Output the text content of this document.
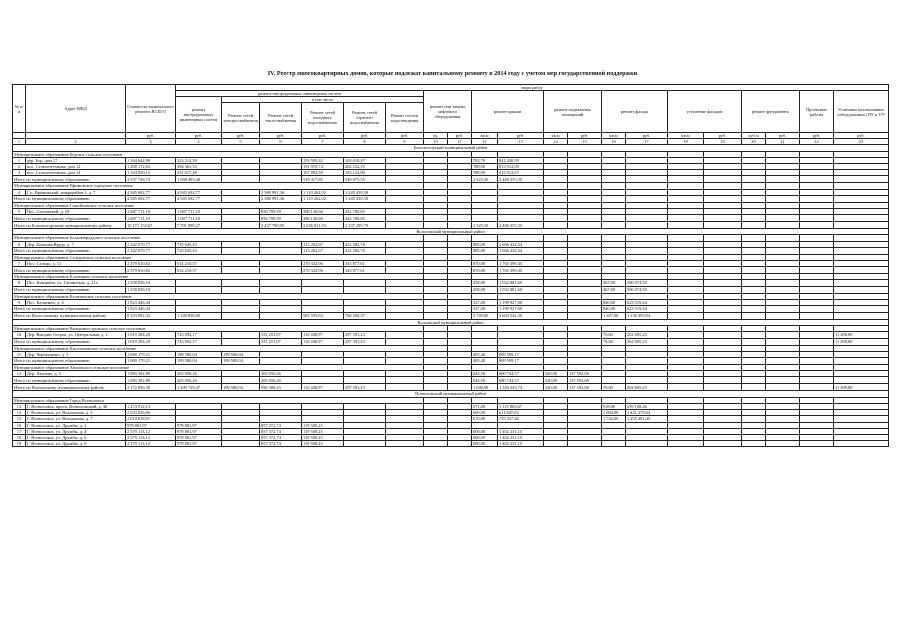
IV. Реестр многоквартирных домов, которые подлежат капитальному ремонту в 2014 году с учетом мер государственной поддержки
№ п/п	Адрес МКД	Стоимость капитального ремонта ВСЕГО	виды работ																			
			ремонт внутридомовых инженерных систем						ремонт или замена лифтового оборудования		ремонт крыши		ремонт подвальных помещений		ремонт фасада		утепление фасадов		ремонт фундамента		Проектные работы	Установка коллективных (общедомовых) ПУ и УУ
			ремонт внутридомовых инженерных систем	в том числе																		
				Ремонт сетей электроснабжения	Ремонт сетей теплоснабжения	Ремонт сетей холодного водоснабжения	Ремонт сетей горячего водоснабжения	Ремонт систем водоотведения														
		руб.	руб.	руб.	руб.	руб.	руб.	руб.	ед.	руб.	кв.м	руб.	кв.м	руб.	кв.м	руб.	кв.м	руб.	куб.м	руб.	руб.	руб.
1	2	3	4	5	6	7	8	9	10	11	12	13	14	15	16	17	18	19	20	21	22	23
Бокситогорский муниципальный район																						
Муниципальное образование Борское сельское поселение																						
1	дер. Бор, дом 17	1 164 644,98	323 214,39			159 595,42	163 618,47				783,70	841 430,59										
2	пос. Сельхозтехника, дом 12	1 208 172,63	394 361,55			191 919,74	202 232,19				780,90	813 912,09										
3	пос. Сельхозтехника, дом 14	1 164 930,15	351 017,48			167 892,59	183 124,89				780,90	813 912,67										
Итого по муниципальному образованию		3 537 748,73	1 068 493,40			519 417,85	549 075,55				2 325,50	2 469 255,35										
Муниципальное образование Ефимовское городское поселение																						
4	Г.п. Ефимовский, микрорайон 1, д. 7	4 945 692,77	4 945 692,77		2 580 991,36	1 119 262,02	1 245 439,39															
Итого по муниципальному образованию		4 945 692,77	4 945 692,77		2 580 991,36	1 119 262,02	1 245 439,39															
Муниципальное образование Самойловское сельское поселение																						
5	Пос. Сагоньевой, д. 29	1 687 711,10	1 687 711,10		856 799,59	388 130,66	442 780,85															
Итого по муниципальному образованию		1 687 711,10	1 687 711,10		856 799,59	388 130,66	442 780,85															
Итого по Бокситогорскому муниципальному району		10 171 152,67	7 701 898,27		3 437 790,95	2 026 811,53	2 237 295,79				2 325,50	2 469 255,35										
Волосовский муниципальный район																						
Муниципальное образование Большевруддское сельское поселение																						
6	Дер. Большая Вруда, д. 7	2 342 079,77	735 645,43			313 262,67	422 382,76				885,00	1 606 434,34										
Итого по муниципальному образованию		2 342 079,77	735 645,43			313 262,67	422 382,76				885,00	1 606 434,34										
Муниципальное образование Сельцовское сельское поселение																						
7	Пос. Сельцо, д. 11	2 379 610,82	614 210,57			270 332,96	343 877,61				870,00	1 765 399,45										
Итого по муниципальному образованию		2 379 610,82	614 210,57			270 332,96	343 877,61				870,00	1 765 399,45										
Муниципальное образование Клопицкое сельское поселение																						
8	Пос. Кикерино, ул. Гатчинская, д. 21а	1 558 836,10									458,00	1 032 881,60			467,00	506 974,50						
Итого по муниципальному образованию		1 558 836,10									458,00	1 032 881,60			467,00	506 974,50						
Муниципальное образование Калитинское сельское поселение																						
9	Пос. Калитино, д. 4	1 823 446,44									527,00	1 199 927,00			840,00	623 519,44						
Итого по муниципальному образованию		1 823 446,44									527,00	1 199 927,00			840,00	623 519,44						
Итого по Волосовскому муниципальному району		8 103 892,33	1 349 856,00			583 595,63	766 260,37				2 740,00	5 604 542,39			1 307,00	1 130 493,94						
Волховский муниципальный район																						
Муниципальное образование Вындиноостровское сельское поселение																						
10	Дер. Вындин Остров, ул. Центральная, д. 2	1 019 284,20	743 092,17		331 251,97	116 448,97	297 391,23								70,60	262 695,23						11 498,80
Итого по муниципальному образованию		1 019 284,20	743 092,17		331 251,97	116 448,97	297 391,23								70,60	262 695,23						11 498,80
Муниципальное образование Кисельнинское сельское поселение																						
11	Дер. Черноушево, д. 1	1 069 179,21	199 580,04	199 580,04							405,40	869 599,17										
Итого по муниципальному образованию		1 069 179,21	199 580,04	199 580,04							405,40	869 599,17										
Муниципальное образование Хваловское сельское поселение																						
12	Дер. Хвалово, д. 5	1 083 392,89	265 056,26		265 056,26						644,50	680 744,57	320,00	137 592,06								
Итого по муниципальному образованию		1 083 392,89	265 056,26		265 056,26						644,50	680 744,57	320,00	137 592,06								
Итого по Волховскому муниципальному району		3 172 856,30	1 209 728,47	199 580,04	596 308,23	116 448,97	297 391,23				1 049,90	1 550 343,74	320,00	137 592,06	70,60	262 695,23						11 498,80
Всеволожский муниципальный район																						
Муниципальное образование Город Всеволожск																						
13	Г. Всеволожск, просп. Всеволожский, д. 30	1 474 912,13									571,00	1 115 803,67			918,00	359 108,46						
14	Г. Всеволожск, ул. Вокзальная, д. 5	2 033 036,66									600,00	611 647,03			1 094,00	1 421 379,64						
15	Г. Всеволожск, ул. Вокзальная, д. 7	2 010 818,91									670,00	755 327,46			1 742,00	1 255 491,45						
16	Г. Всеволожск, ул. Дружбы, д. 2	978 881,97	978 881,97		857 372,74	119 509,23																
17	Г. Всеволожск, ул. Дружбы, д. 4	2 379 113,12	978 881,97		857 372,74	119 509,23					600,00	1 402 231,15										
18	Г. Всеволожск, ул. Дружбы, д. 6	2 379 113,12	978 881,97		857 372,74	119 509,23					600,00	1 402 231,15										
19	Г. Всеволожск, ул. Дружбы, д. 8	2 379 113,12	978 881,97		857 372,74	119 509,23					600,00	1 402 231,15										
